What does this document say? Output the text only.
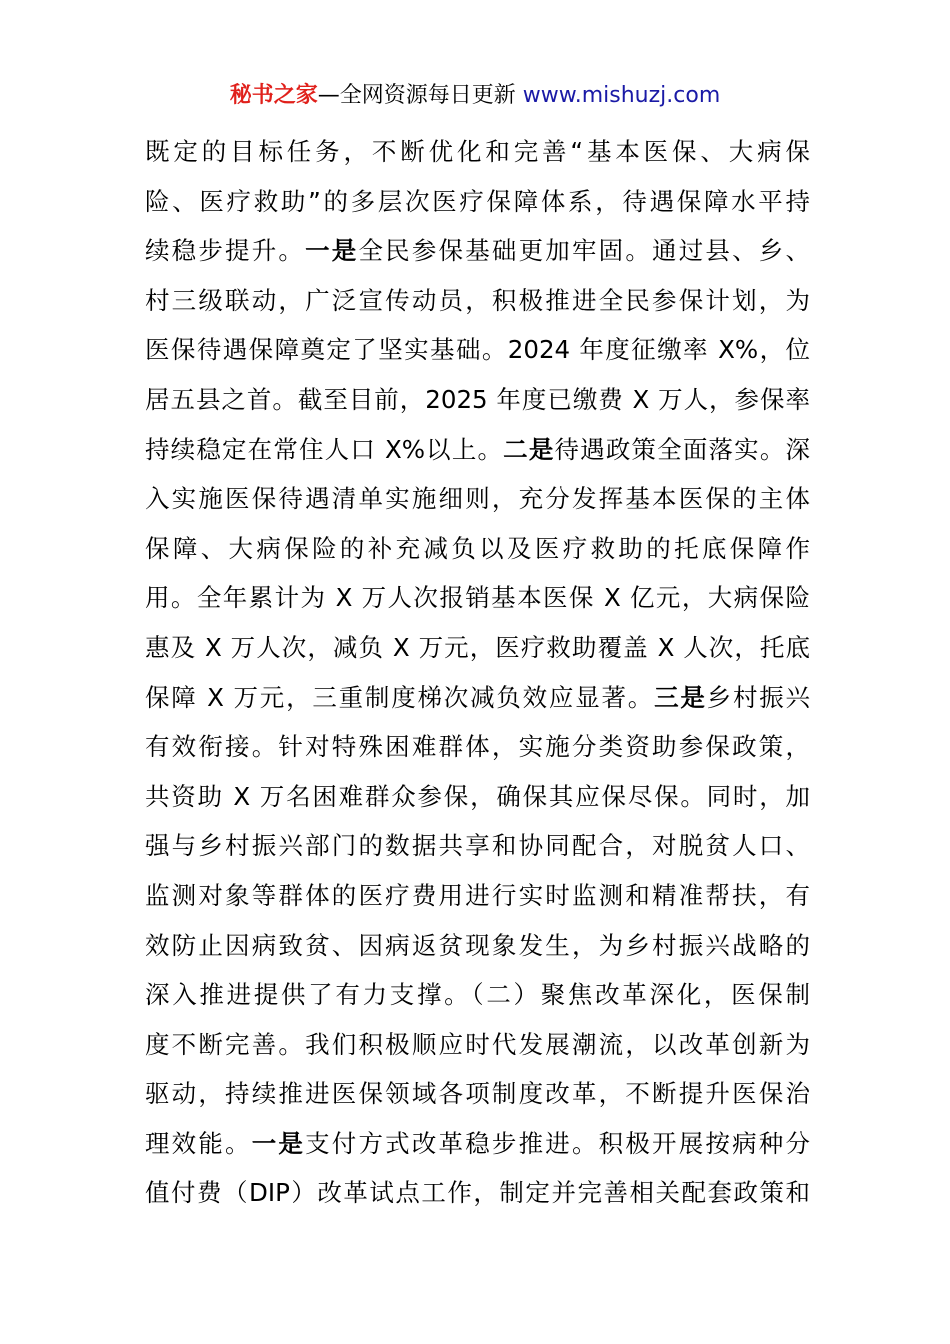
秘书之家—全网资源每日更新 www.mishuzj.com
既定的目标任务，不断优化和完善“基本医保、大病保
险、医疗救助”的多层次医疗保障体系，待遇保障水平持
续稳步提升。一是全民参保基础更加牢固。通过县、乡、
村三级联动，广泛宣传动员，积极推进全民参保计划，为
医保待遇保障奠定了坚实基础。2024 年度征缴率 X%，位
居五县之首。截至目前，2025 年度已缴费 X 万人，参保率
持续稳定在常住人口 X%以上。二是待遇政策全面落实。深
入实施医保待遇清单实施细则，充分发挥基本医保的主体
保障、大病保险的补充减负以及医疗救助的托底保障作
用。全年累计为 X 万人次报销基本医保 X 亿元，大病保险
惠及 X 万人次，减负 X 万元，医疗救助覆盖 X 人次，托底
保障 X 万元，三重制度梯次减负效应显著。三是乡村振兴
有效衔接。针对特殊困难群体，实施分类资助参保政策，
共资助 X 万名困难群众参保，确保其应保尽保。同时，加
强与乡村振兴部门的数据共享和协同配合，对脱贫人口、
监测对象等群体的医疗费用进行实时监测和精准帮扶，有
效防止因病致贫、因病返贫现象发生，为乡村振兴战略的
深入推进提供了有力支撑。（二）聚焦改革深化，医保制
度不断完善。我们积极顺应时代发展潮流，以改革创新为
驱动，持续推进医保领域各项制度改革，不断提升医保治
理效能。一是支付方式改革稳步推进。积极开展按病种分
值付费（DIP）改革试点工作，制定并完善相关配套政策和
